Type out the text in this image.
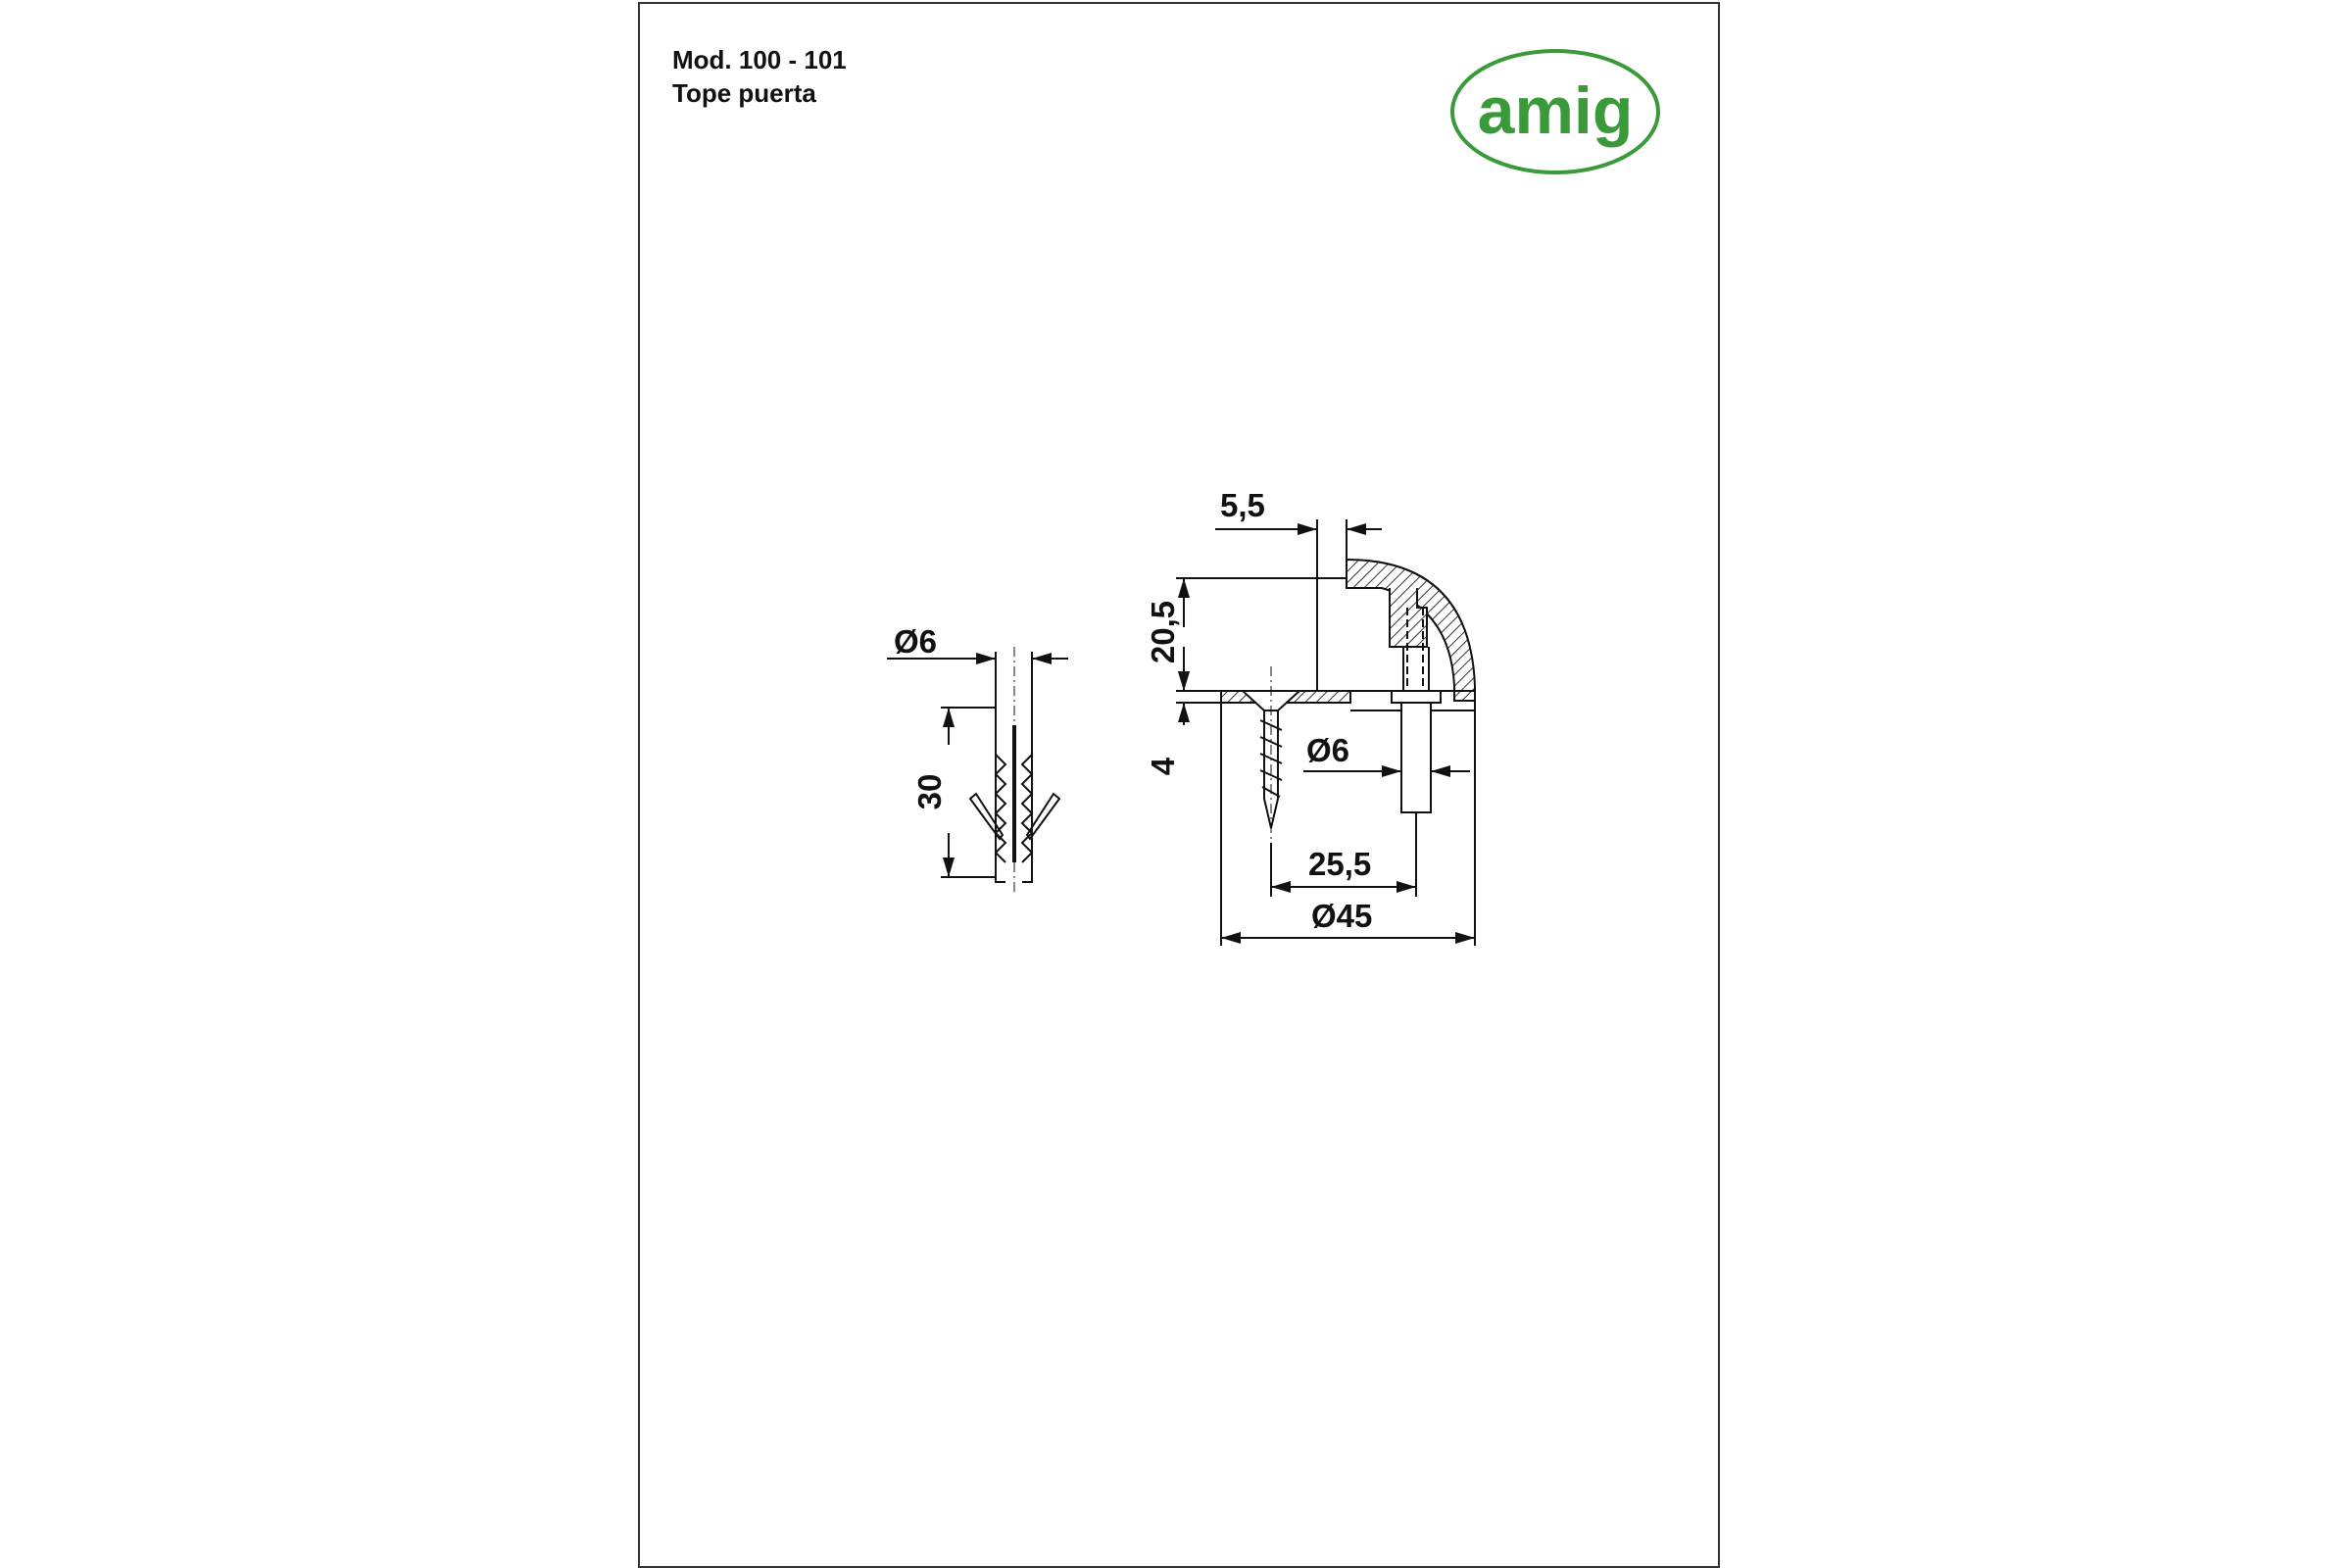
Mod. 100 - 101
Tope puerta	amig
Ø6
30
5,5
20,5
4	Ø6
25,5
Ø45
